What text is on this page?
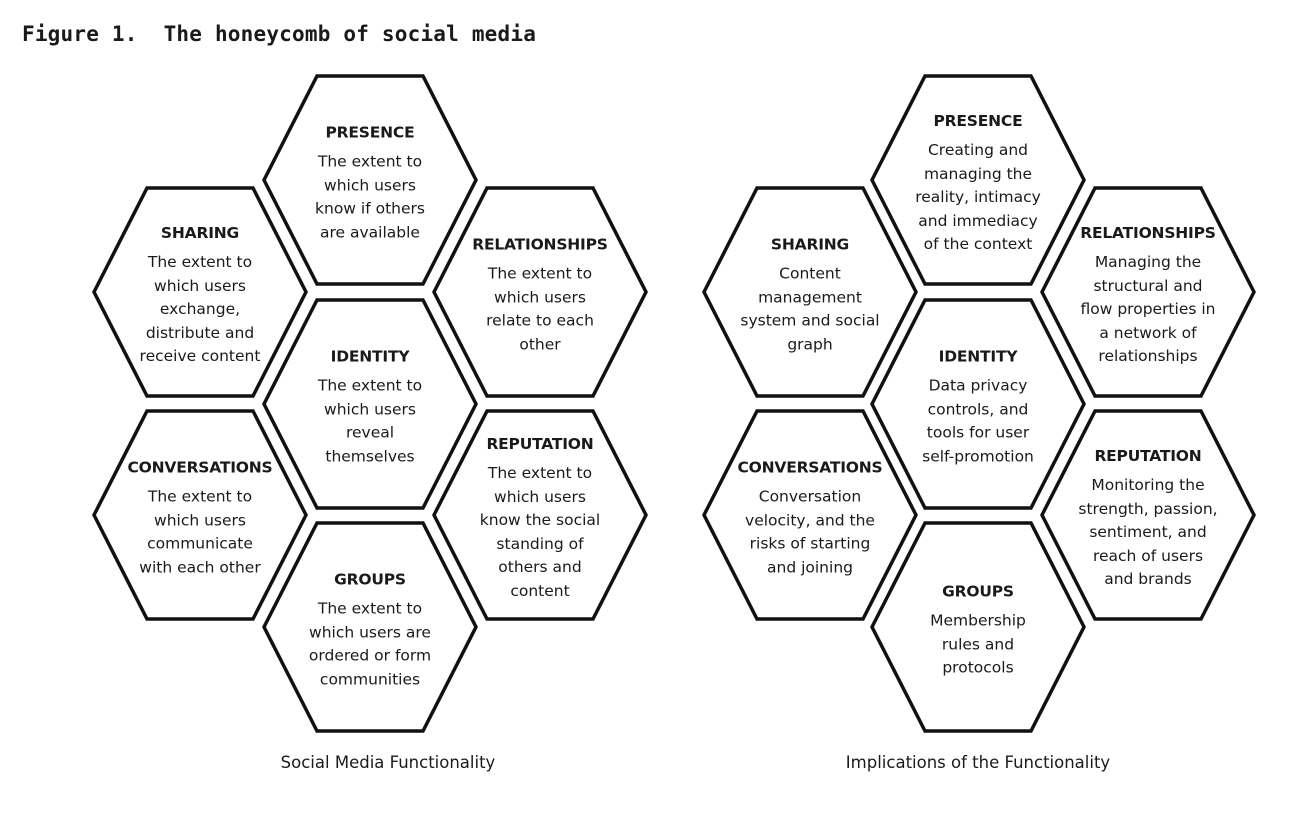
Figure 1. The honeycomb of social media
PRESENCE
The extent to
which users
know if others
are available
SHARING
The extent to
which users
exchange,
distribute and
receive content
RELATIONSHIPS
The extent to
which users
relate to each
other
IDENTITY
The extent to
which users
reveal
themselves
CONVERSATIONS
The extent to
which users
communicate
with each other
REPUTATION
The extent to
which users
know the social
standing of
others and
content
GROUPS
The extent to
which users are
ordered or form
communities
Social Media Functionality
PRESENCE
Creating and
managing the
reality, intimacy
and immediacy
of the context
SHARING
Content
management
system and social
graph
RELATIONSHIPS
Managing the
structural and
flow properties in
a network of
relationships
IDENTITY
Data privacy
controls, and
tools for user
self-promotion
CONVERSATIONS
Conversation
velocity, and the
risks of starting
and joining
REPUTATION
Monitoring the
strength, passion,
sentiment, and
reach of users
and brands
GROUPS
Membership
rules and
protocols
Implications of the Functionality
